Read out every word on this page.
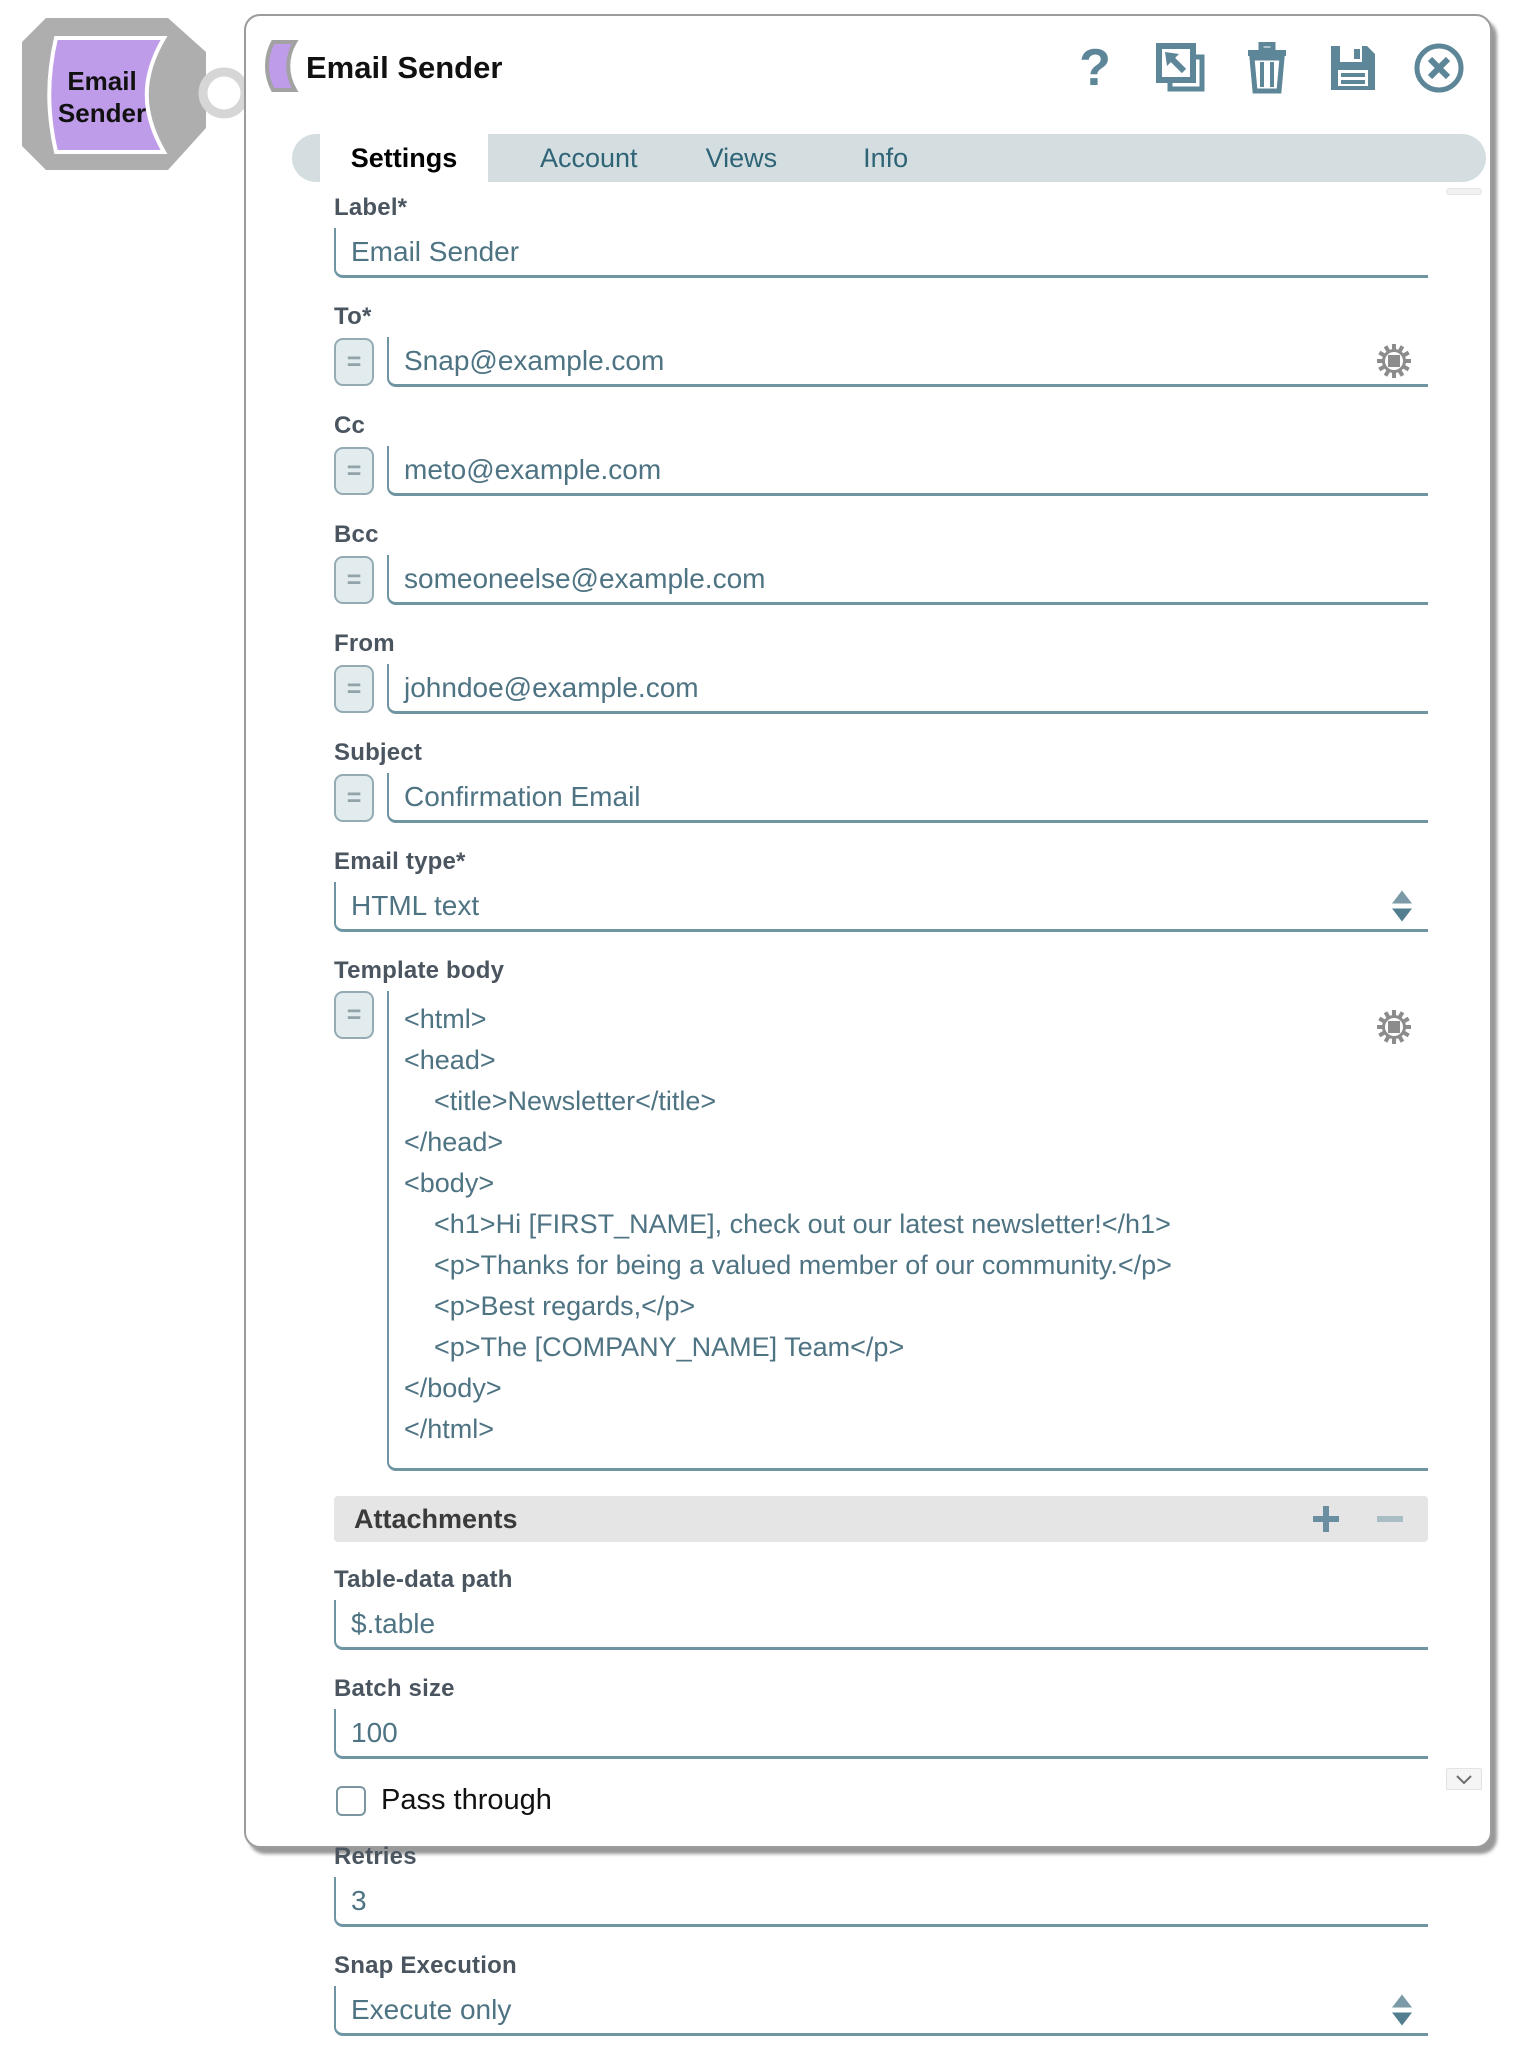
Email
Sender
Email Sender	?
Settings	Account	Views	Info
Label*
Email Sender
To*
=	Snap@example.com
Cc
=	meto@example.com
Bcc
=	someoneelse@example.com
From
=	johndoe@example.com
Subject
=	Confirmation Email
Email type*
HTML text
Template body
=	<html>
<head>
<title>Newsletter</title>
</head>
<body>
<h1>Hi [FIRST_NAME], check out our latest newsletter!</h1>
<p>Thanks for being a valued member of our community.</p>
<p>Best regards,</p>
<p>The [COMPANY_NAME] Team</p>
</body>
</html>
Attachments
Table-data path
$.table
Batch size
100
Pass through
Retries
3
Snap Execution
Execute only
